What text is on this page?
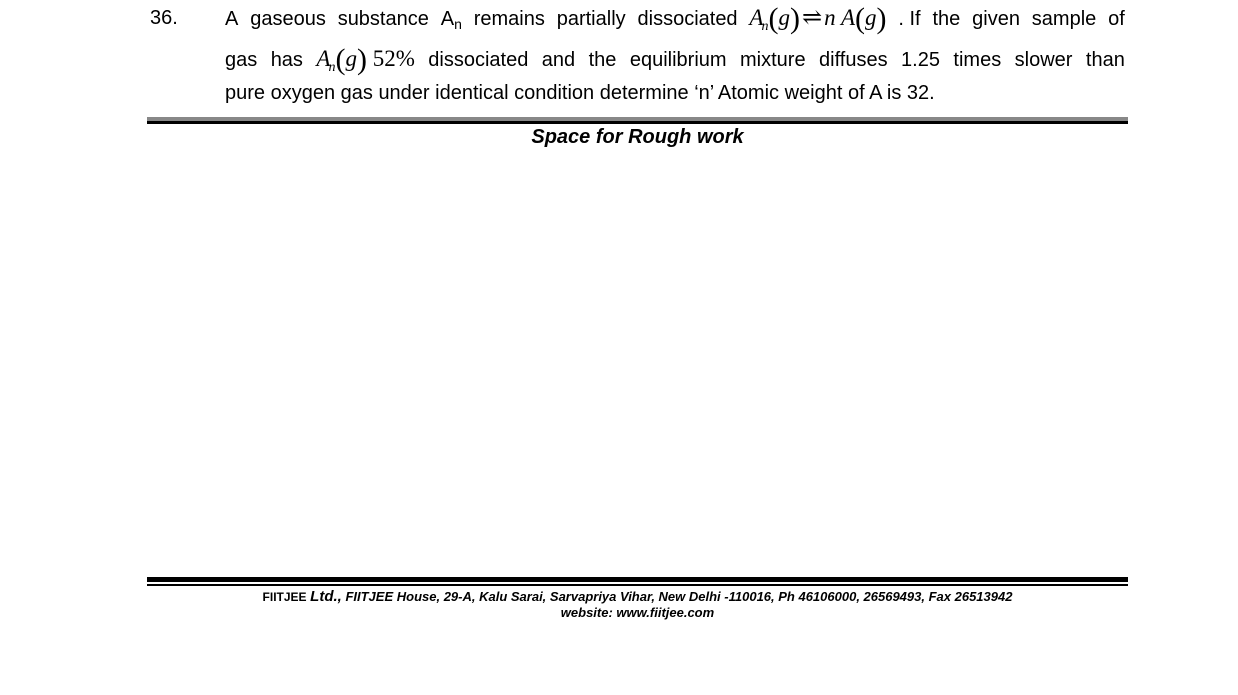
36. A gaseous substance $A_n$ remains partially dissociated $A_n(g)\rightleftharpoons n$ A(g) . If the given sample of
gas has $A_n(g)$ 52% dissociated and the equilibrium mixture diffuses 1.25 times slower than
pure oxygen gas under identical condition determine ‘n’ Atomic weight of A is 32.
Space for Rough work
FIITJEE Ltd., FIITJEE House, 29-A, Kalu Sarai, Sarvapriya Vihar, New Delhi -110016, Ph 46106000, 26569493, Fax 26513942
website: www.fiitjee.com
